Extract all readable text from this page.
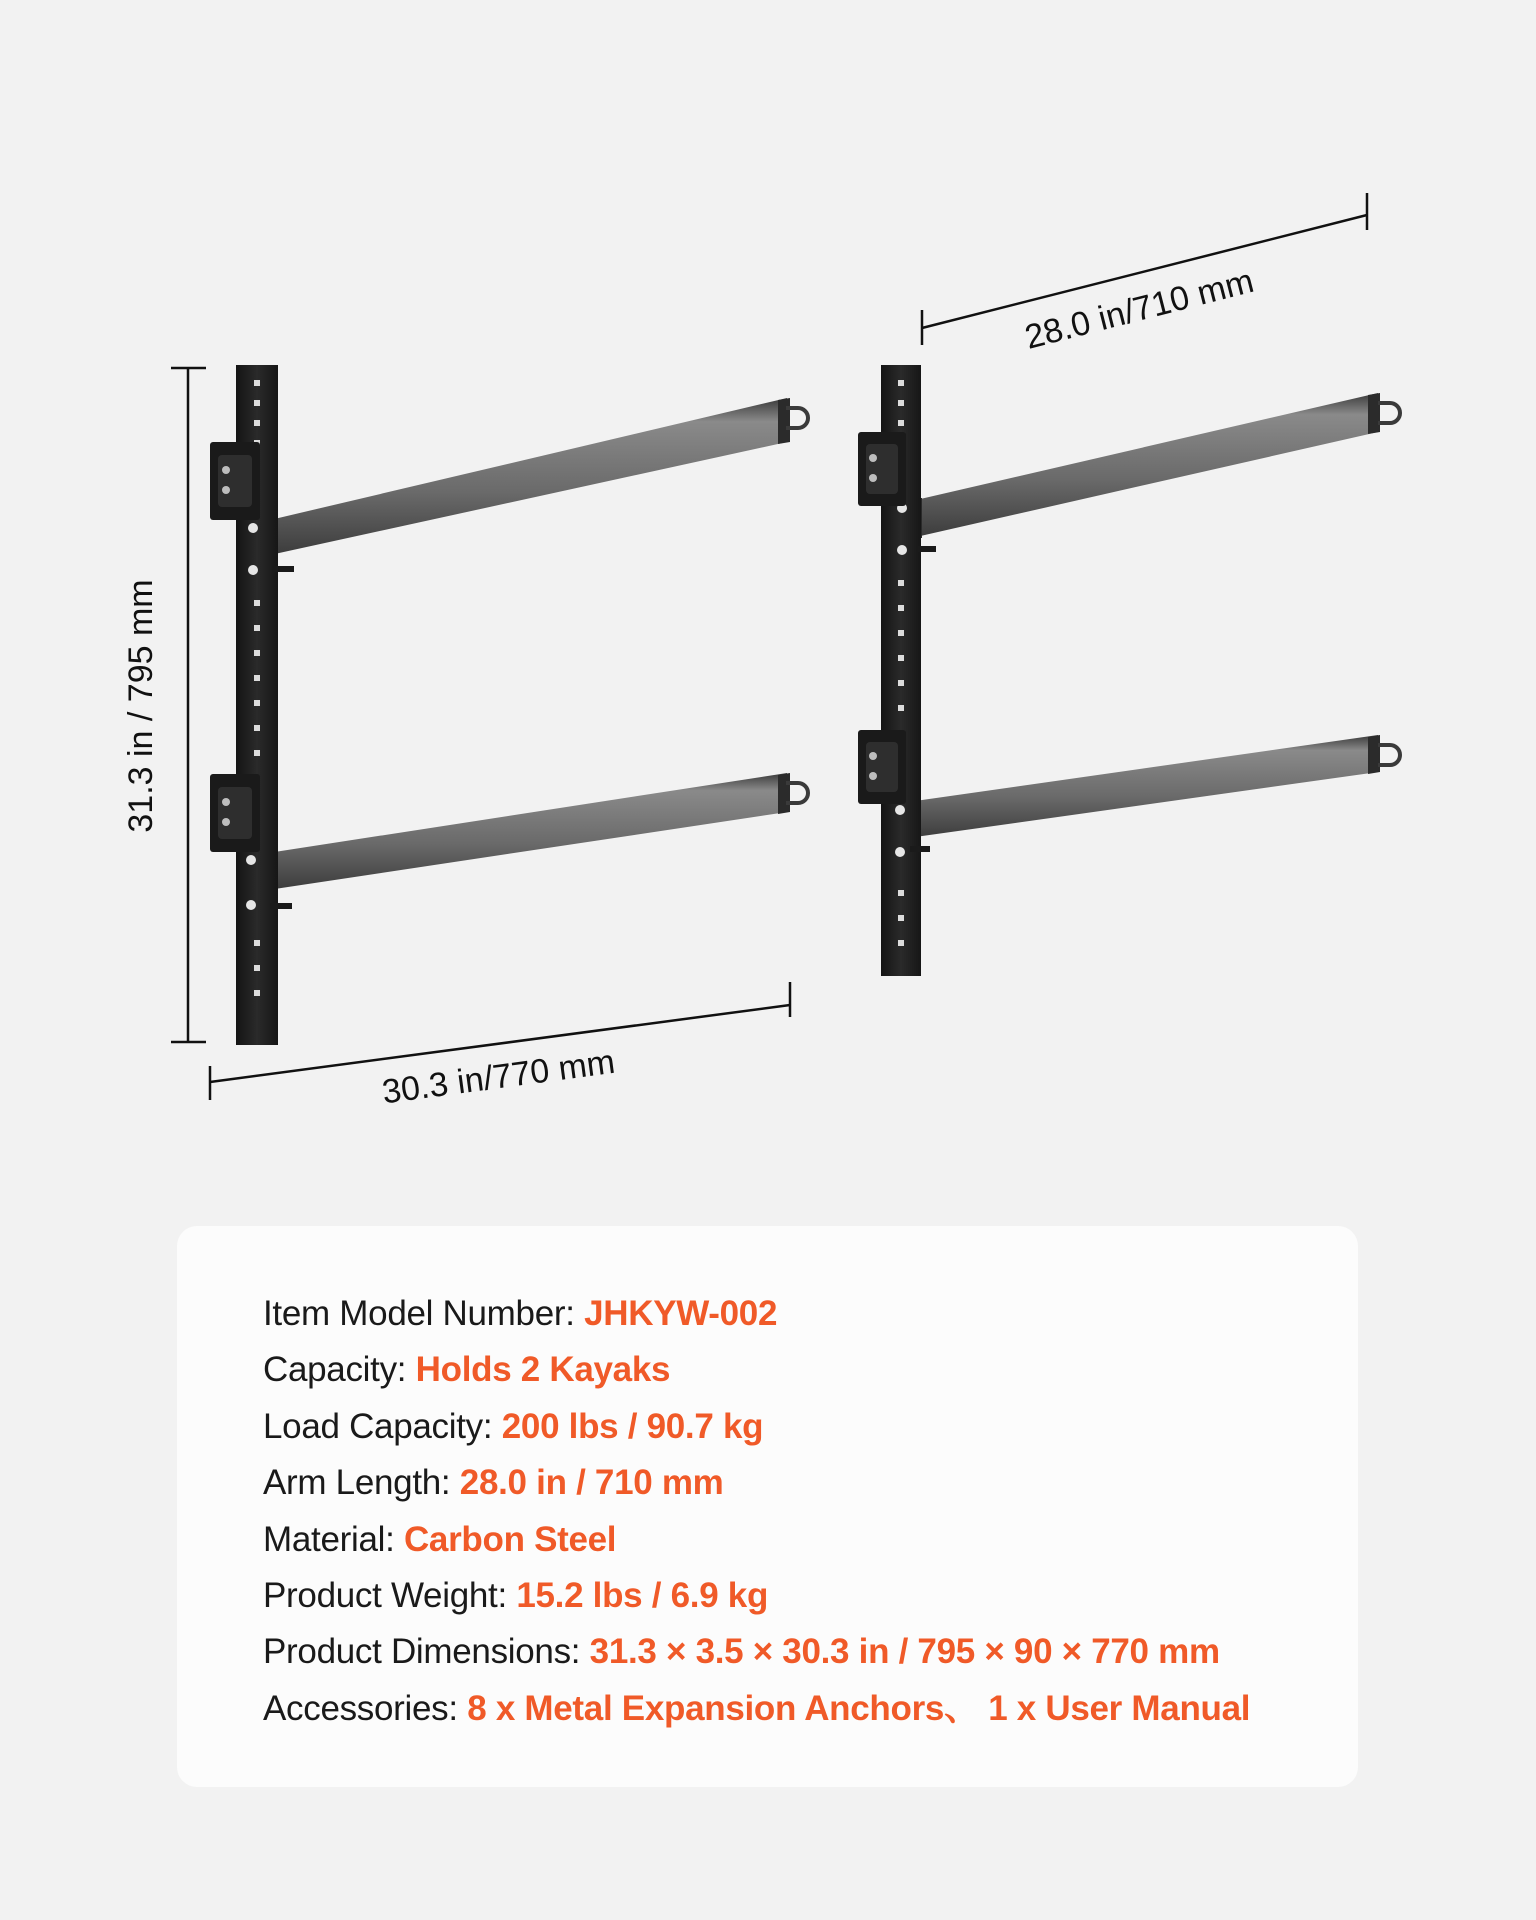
31.3 in / 795 mm
30.3 in/770 mm
28.0 in/710 mm
Item Model Number: JHKYW-002
Capacity: Holds 2 Kayaks
Load Capacity: 200 lbs / 90.7 kg
Arm Length: 28.0 in / 710 mm
Material: Carbon Steel
Product Weight: 15.2 lbs / 6.9 kg
Product Dimensions: 31.3 × 3.5 × 30.3 in / 795 × 90 × 770 mm
Accessories: 8 x Metal Expansion Anchors、 1 x User Manual
